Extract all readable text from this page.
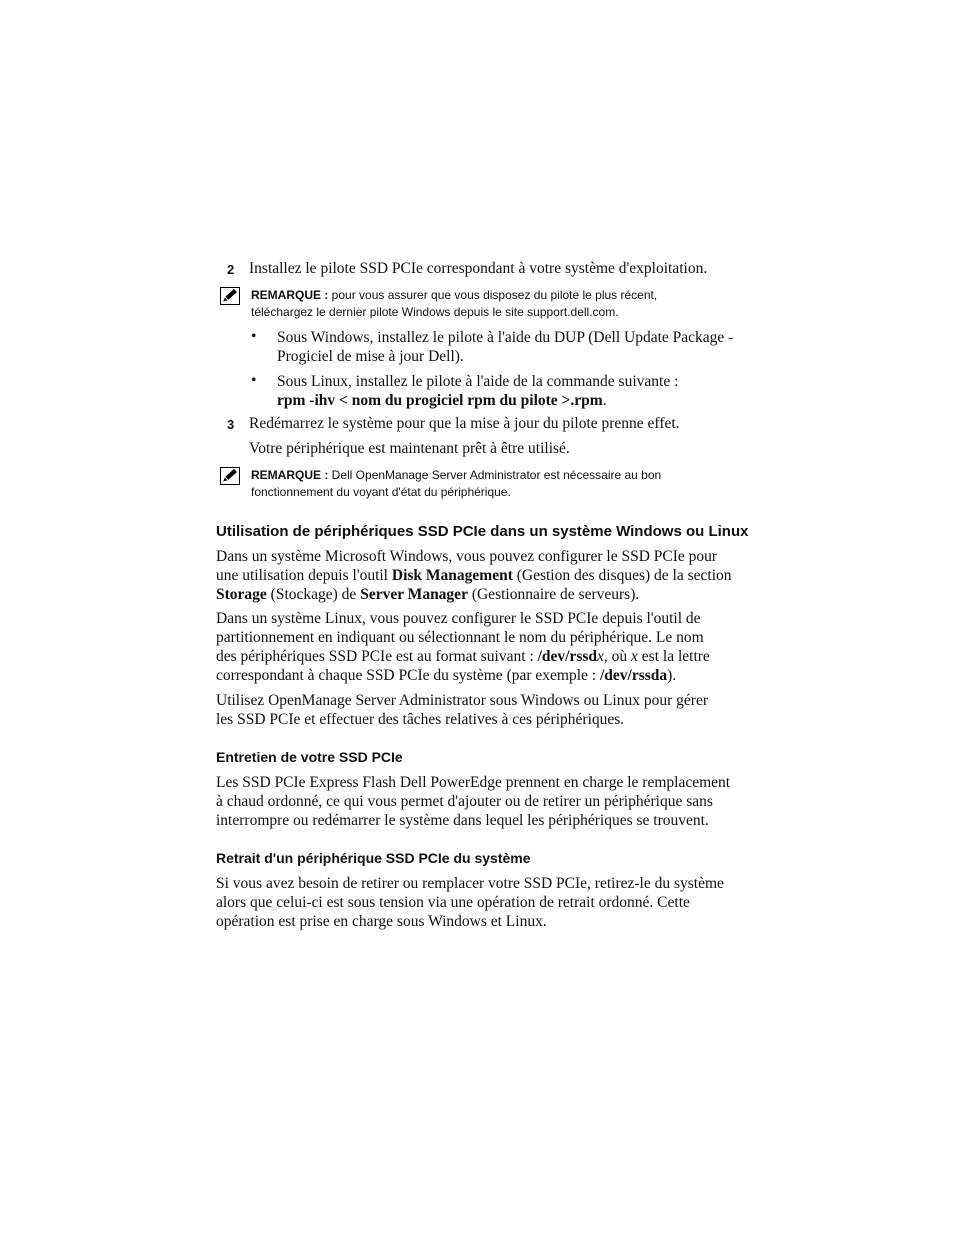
2 Installez le pilote SSD PCIe correspondant à votre système d'exploitation.
REMARQUE : pour vous assurer que vous disposez du pilote le plus récent,
téléchargez le dernier pilote Windows depuis le site support.dell.com.
• Sous Windows, installez le pilote à l'aide du DUP (Dell Update Package -
Progiciel de mise à jour Dell).
• Sous Linux, installez le pilote à l'aide de la commande suivante :
rpm -ihv < nom du progiciel rpm du pilote >.rpm.
3 Redémarrez le système pour que la mise à jour du pilote prenne effet.
Votre périphérique est maintenant prêt à être utilisé.
REMARQUE : Dell OpenManage Server Administrator est nécessaire au bon
fonctionnement du voyant d'état du périphérique.
Utilisation de périphériques SSD PCIe dans un système Windows ou Linux

Dans un système Microsoft Windows, vous pouvez configurer le SSD PCIe pour

une utilisation depuis l'outil Disk Management (Gestion des disques) de la section

Storage (Stockage) de Server Manager (Gestionnaire de serveurs).

Dans un système Linux, vous pouvez configurer le SSD PCIe depuis l'outil de

partitionnement en indiquant ou sélectionnant le nom du périphérique. Le nom

des périphériques SSD PCIe est au format suivant : /dev/rssdx, où x est la lettre

correspondant à chaque SSD PCIe du système (par exemple : /dev/rssda).

Utilisez OpenManage Server Administrator sous Windows ou Linux pour gérer

les SSD PCIe et effectuer des tâches relatives à ces périphériques.

Entretien de votre SSD PCIe

Les SSD PCIe Express Flash Dell PowerEdge prennent en charge le remplacement

à chaud ordonné, ce qui vous permet d'ajouter ou de retirer un périphérique sans

interrompre ou redémarrer le système dans lequel les périphériques se trouvent.

Retrait d'un périphérique SSD PCIe du système

Si vous avez besoin de retirer ou remplacer votre SSD PCIe, retirez-le du système

alors que celui-ci est sous tension via une opération de retrait ordonné. Cette

opération est prise en charge sous Windows et Linux.
